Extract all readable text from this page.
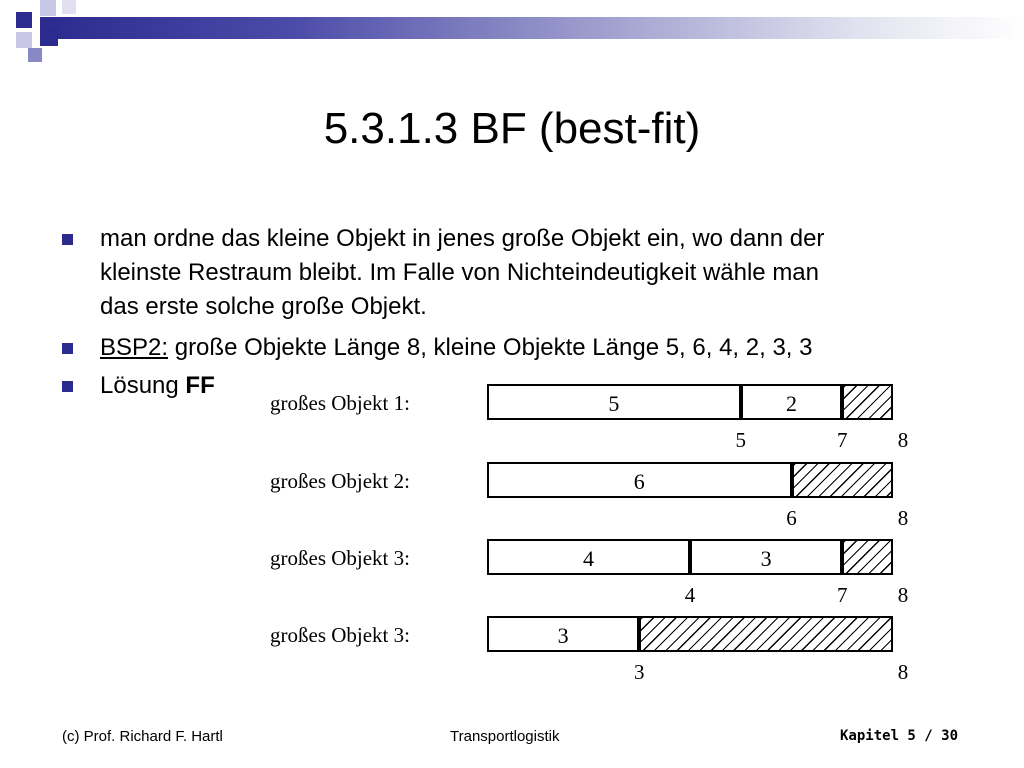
5.3.1.3 BF (best-fit)
man ordne das kleine Objekt in jenes große Objekt ein, wo dann der
kleinste Restraum bleibt. Im Falle von Nichteindeutigkeit wähle man
das erste solche große Objekt.
BSP2: große Objekte Länge 8, kleine Objekte Länge 5, 6, 4, 2, 3, 3
Lösung FF
großes Objekt 1:	5	2
5	7 8
großes Objekt 2:	6
6	8
großes Objekt 3:	4	3
4	7 8
großes Objekt 3:	3
3	8
(c) Prof. Richard F. Hartl	Transportlogistik	Kapitel 5 / 30
